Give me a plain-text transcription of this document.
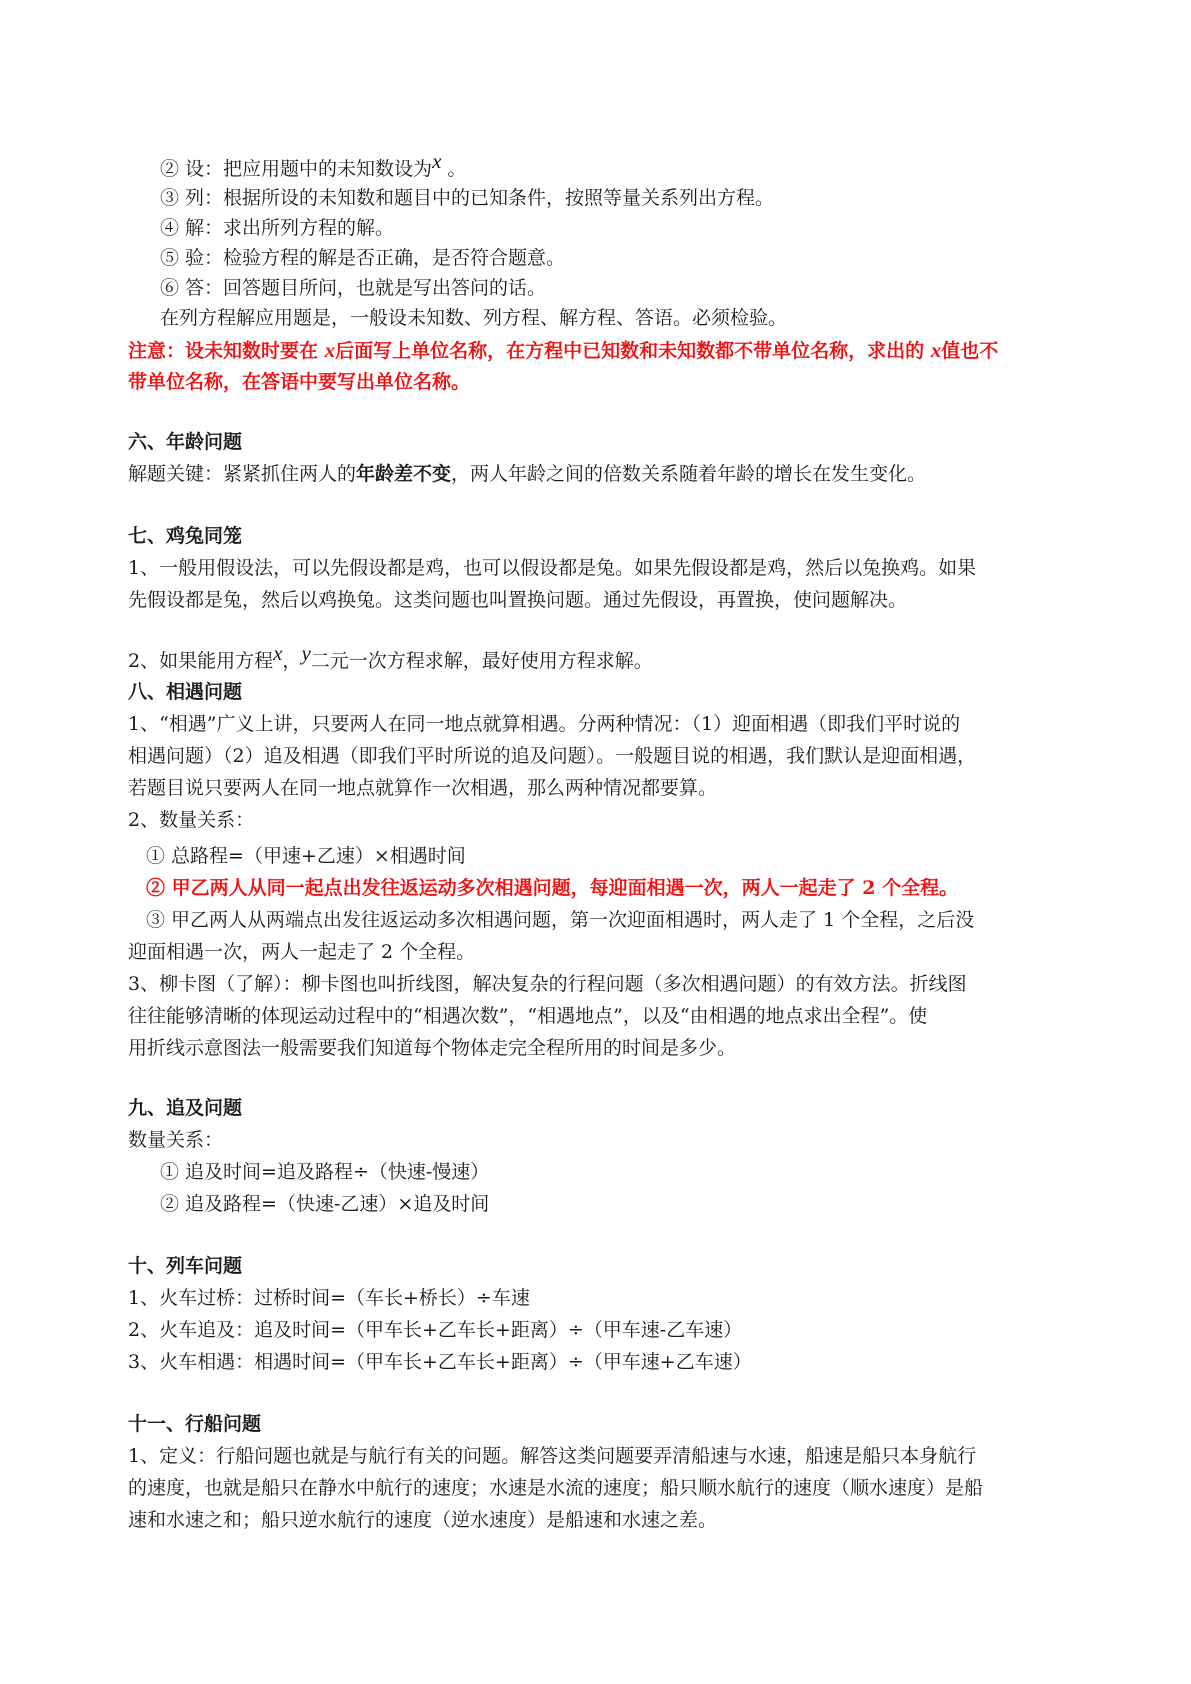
② 设：把应用题中的未知数设为x 。
③ 列：根据所设的未知数和题目中的已知条件，按照等量关系列出方程。
④ 解：求出所列方程的解。
⑤ 验：检验方程的解是否正确，是否符合题意。
⑥ 答：回答题目所问，也就是写出答问的话。
在列方程解应用题是，一般设未知数、列方程、解方程、答语。必须检验。
注意：设未知数时要在 x后面写上单位名称，在方程中已知数和未知数都不带单位名称，求出的 x值也不
带单位名称，在答语中要写出单位名称。
六、年龄问题
解题关键：紧紧抓住两人的年龄差不变，两人年龄之间的倍数关系随着年龄的增长在发生变化。
七、鸡兔同笼
1、一般用假设法，可以先假设都是鸡，也可以假设都是兔。如果先假设都是鸡，然后以兔换鸡。如果
先假设都是兔，然后以鸡换兔。这类问题也叫置换问题。通过先假设，再置换，使问题解决。
2、如果能用方程x，y二元一次方程求解，最好使用方程求解。
八、相遇问题
1、“相遇”广义上讲，只要两人在同一地点就算相遇。分两种情况：（1）迎面相遇（即我们平时说的
相遇问题）（2）追及相遇（即我们平时所说的追及问题）。一般题目说的相遇，我们默认是迎面相遇，
若题目说只要两人在同一地点就算作一次相遇，那么两种情况都要算。
2、数量关系：
① 总路程=（甲速+乙速）×相遇时间
② 甲乙两人从同一起点出发往返运动多次相遇问题，每迎面相遇一次，两人一起走了 2 个全程。
③ 甲乙两人从两端点出发往返运动多次相遇问题，第一次迎面相遇时，两人走了 1 个全程，之后没
迎面相遇一次，两人一起走了 2 个全程。
3、柳卡图（了解）：柳卡图也叫折线图，解决复杂的行程问题（多次相遇问题）的有效方法。折线图
往往能够清晰的体现运动过程中的“相遇次数”，“相遇地点”，以及“由相遇的地点求出全程”。使
用折线示意图法一般需要我们知道每个物体走完全程所用的时间是多少。
九、追及问题
数量关系：
① 追及时间=追及路程÷（快速-慢速）
② 追及路程=（快速-乙速）×追及时间
十、列车问题
1、火车过桥：过桥时间=（车长+桥长）÷车速
2、火车追及：追及时间=（甲车长+乙车长+距离）÷（甲车速-乙车速）
3、火车相遇：相遇时间=（甲车长+乙车长+距离）÷（甲车速+乙车速）
十一、行船问题
1、定义：行船问题也就是与航行有关的问题。解答这类问题要弄清船速与水速，船速是船只本身航行
的速度，也就是船只在静水中航行的速度；水速是水流的速度；船只顺水航行的速度（顺水速度）是船
速和水速之和；船只逆水航行的速度（逆水速度）是船速和水速之差。
